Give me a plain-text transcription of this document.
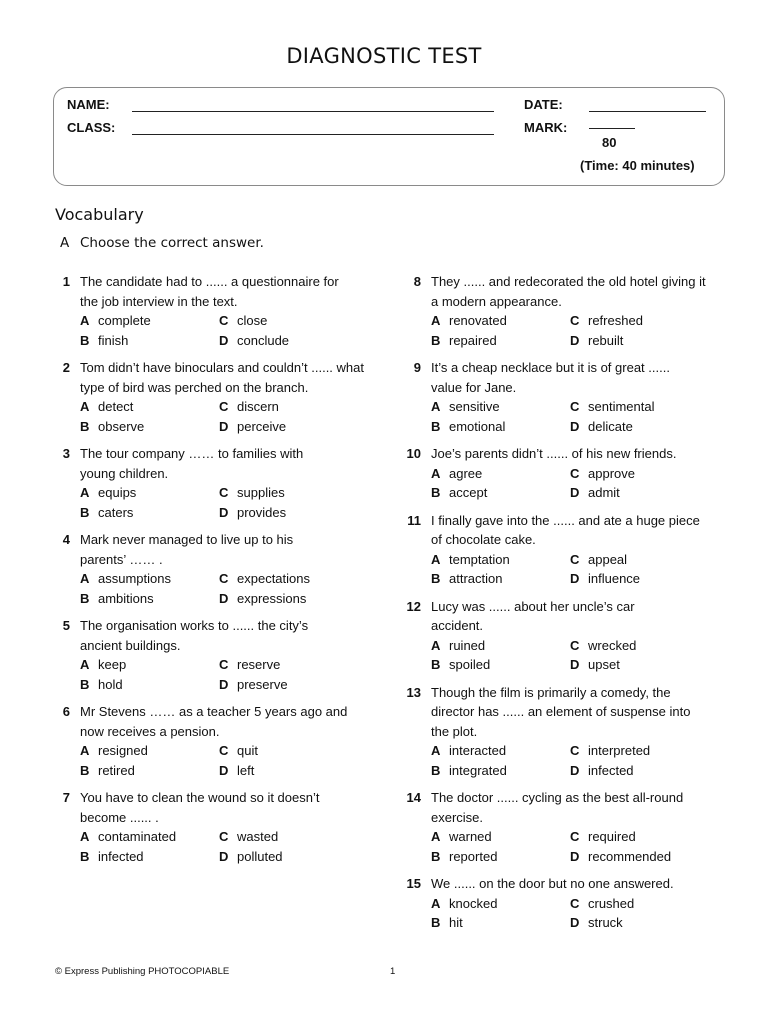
DIAGNOSTIC TEST
NAME:
CLASS:
DATE:
MARK:
80
(Time: 40 minutes)
Vocabulary
A Choose the correct answer.
1 The candidate had to ...... a questionnaire for the job interview in the text.
A complete	C close
B finish	D conclude
2 Tom didn’t have binoculars and couldn’t ...... what type of bird was perched on the branch.
A detect	C discern
B observe	D perceive
3 The tour company …… to families with young children.
A equips	C supplies
B caters	D provides
4 Mark never managed to live up to his parents’ …… .
A assumptions	C expectations
B ambitions	D expressions
5 The organisation works to ...... the city’s ancient buildings.
A keep	C reserve
B hold	D preserve
6 Mr Stevens …… as a teacher 5 years ago and now receives a pension.
A resigned	C quit
B retired	D left
7 You have to clean the wound so it doesn’t become ...... .
A contaminated	C wasted
B infected	D polluted
8 They ...... and redecorated the old hotel giving it a modern appearance.
A renovated	C refreshed
B repaired	D rebuilt
9 It’s a cheap necklace but it is of great ...... value for Jane.
A sensitive	C sentimental
B emotional	D delicate
10 Joe’s parents didn’t ...... of his new friends.
A agree	C approve
B accept	D admit
11 I finally gave into the ...... and ate a huge piece of chocolate cake.
A temptation	C appeal
B attraction	D influence
12 Lucy was ...... about her uncle’s car accident.
A ruined	C wrecked
B spoiled	D upset
13 Though the film is primarily a comedy, the director has ...... an element of suspense into the plot.
A interacted	C interpreted
B integrated	D infected
14 The doctor ...... cycling as the best all-round exercise.
A warned	C required
B reported	D recommended
15 We ...... on the door but no one answered.
A knocked	C crushed
B hit	D struck
© Express Publishing PHOTOCOPIABLE	1
